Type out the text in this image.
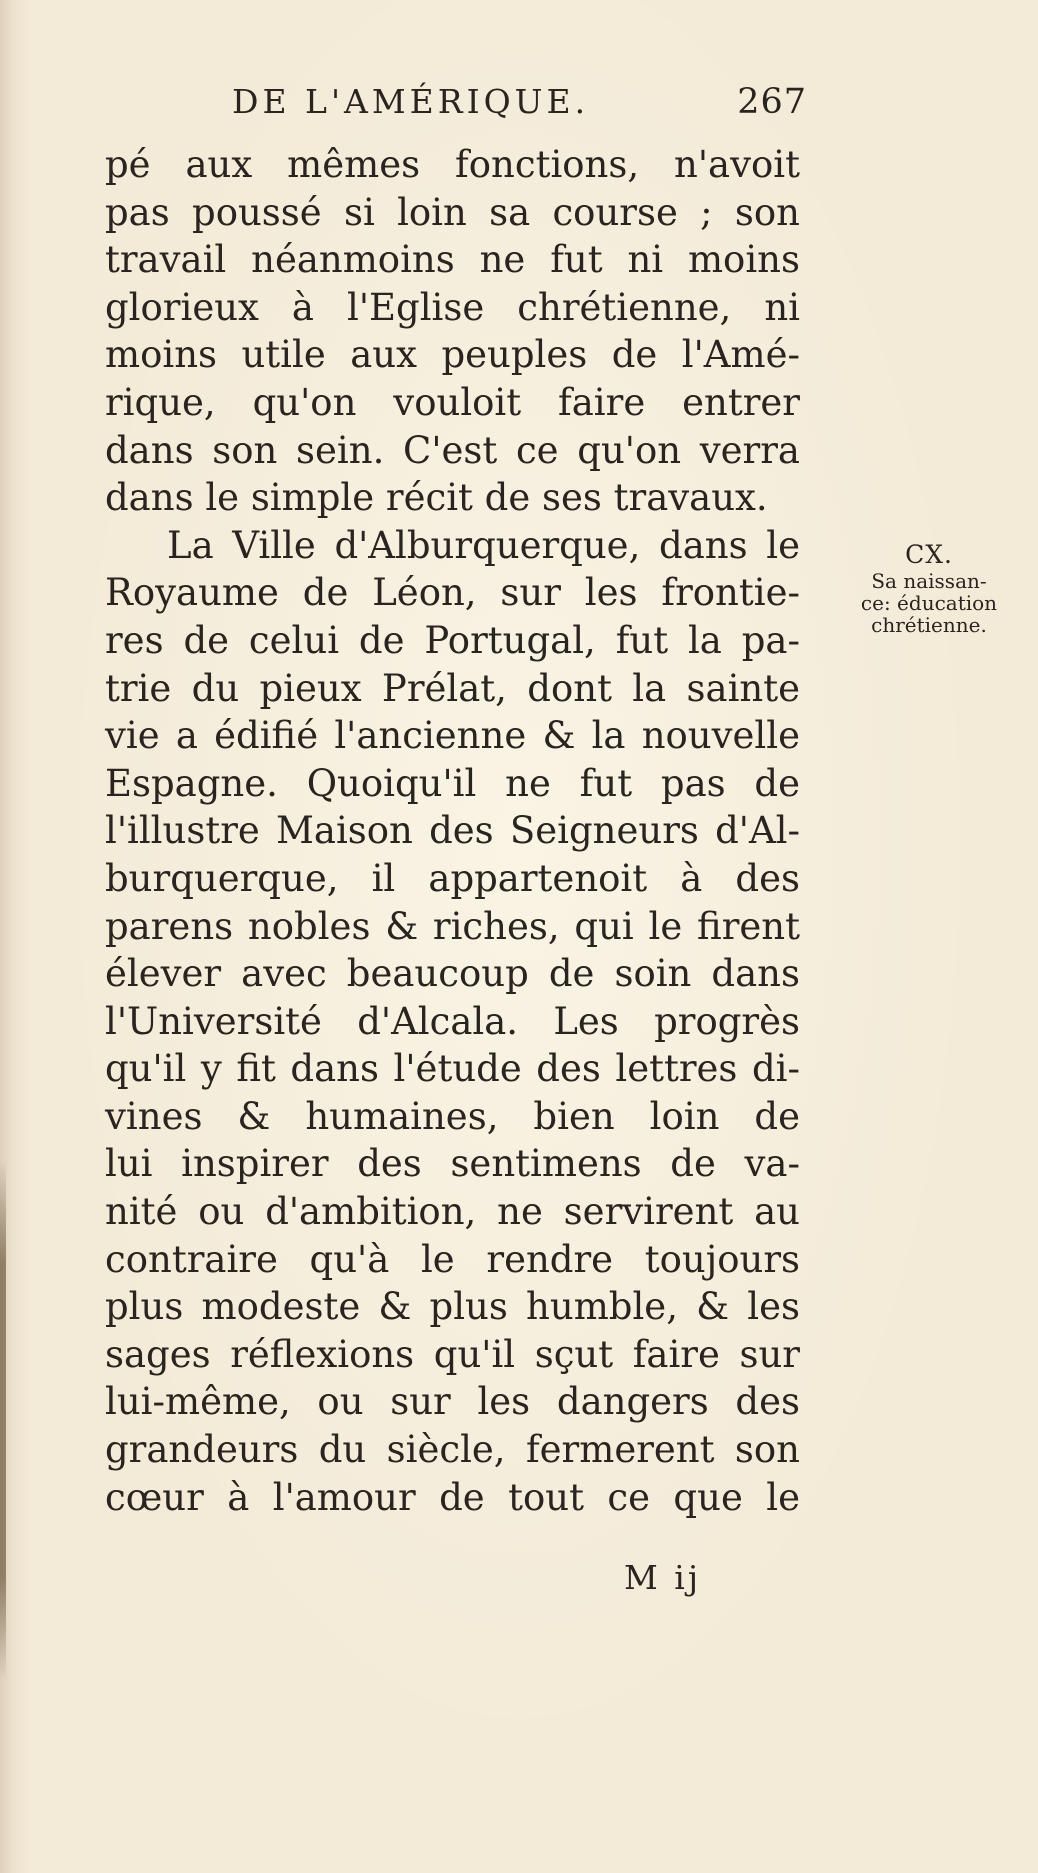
DE L'AMÉRIQUE.	267
pé aux mêmes fonctions, n'avoit
pas poussé si loin sa course ; son
travail néanmoins ne fut ni moins
glorieux à l'Eglise chrétienne, ni
moins utile aux peuples de l'Amé-
rique, qu'on vouloit faire entrer
dans son sein. C'est ce qu'on verra
dans le simple récit de ses travaux.
La Ville d'Alburquerque, dans le
Royaume de Léon, sur les frontie-
res de celui de Portugal, fut la pa-
trie du pieux Prélat, dont la sainte
vie a édifié l'ancienne & la nouvelle
Espagne. Quoiqu'il ne fut pas de
l'illustre Maison des Seigneurs d'Al-
burquerque, il appartenoit à des
parens nobles & riches, qui le firent
élever avec beaucoup de soin dans
l'Université d'Alcala. Les progrès
qu'il y fit dans l'étude des lettres di-
vines & humaines, bien loin de
lui inspirer des sentimens de va-
nité ou d'ambition, ne servirent au
contraire qu'à le rendre toujours
plus modeste & plus humble, & les
sages réflexions qu'il sçut faire sur
lui-même, ou sur les dangers des
grandeurs du siècle, fermerent son
cœur à l'amour de tout ce que le
CX.
Sa naissan-
ce: éducation
chrétienne.
M ij
